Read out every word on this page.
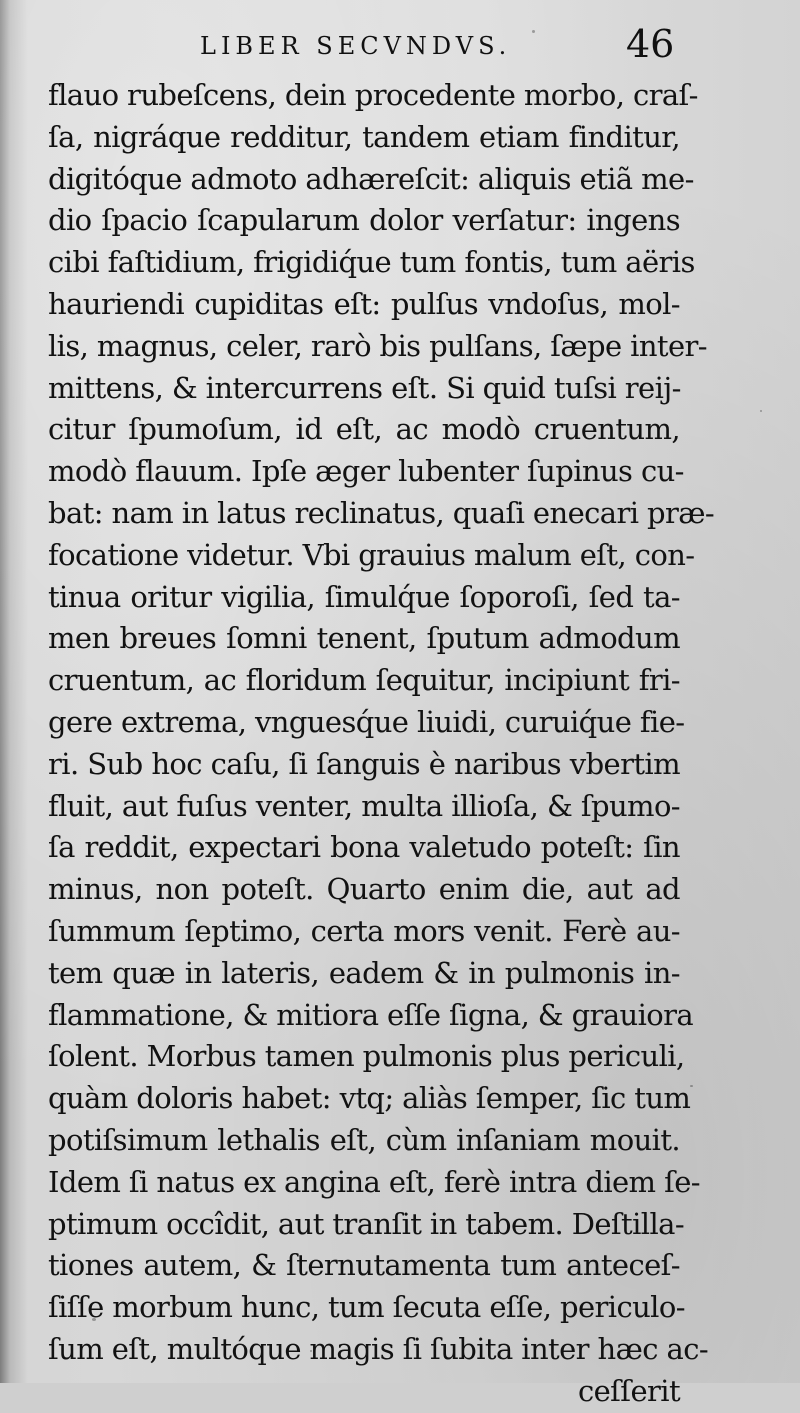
LIBER SECVNDVS.	46
flauo rubeſcens, dein procedente morbo, craſ-
ſa, nigráque redditur, tandem etiam finditur,
digitóque admoto adhæreſcit: aliquis etiã me-
dio ſpacio ſcapularum dolor verſatur: ingens
cibi faſtidium, frigidiq́ue tum fontis, tum aëris
hauriendi cupiditas eſt: pulſus vndoſus, mol-
lis, magnus, celer, rarò bis pulſans, ſæpe inter-
mittens, & intercurrens eſt. Si quid tuſsi reij-
citur ſpumoſum, id eſt, ac modò cruentum,
modò flauum. Ipſe æger lubenter ſupinus cu-
bat: nam in latus reclinatus, quaſi enecari præ-
focatione videtur. Vbi grauius malum eſt, con-
tinua oritur vigilia, ſimulq́ue ſoporoſi, ſed ta-
men breues ſomni tenent, ſputum admodum
cruentum, ac floridum ſequitur, incipiunt fri-
gere extrema, vnguesq́ue liuidi, curuiq́ue fie-
ri. Sub hoc caſu, ſi ſanguis è naribus vbertim
fluit, aut fuſus venter, multa illioſa, & ſpumo-
ſa reddit, expectari bona valetudo poteſt: ſin
minus, non poteſt. Quarto enim die, aut ad
ſummum ſeptimo, certa mors venit. Ferè au-
tem quæ in lateris, eadem & in pulmonis in-
flammatione, & mitiora eſſe ſigna, & grauiora
ſolent. Morbus tamen pulmonis plus periculi,
quàm doloris habet: vtq; aliàs ſemper, ſic tum
potiſsimum lethalis eſt, cùm inſaniam mouit.
Idem ſi natus ex angina eſt, ferè intra diem ſe-
ptimum occîdit, aut tranſit in tabem. Deſtilla-
tiones autem, & ſternutamenta tum anteceſ-
ſiſſe morbum hunc, tum ſecuta eſſe, periculo-
ſum eſt, multóque magis ſi ſubita inter hæc ac-
ceſſerit
